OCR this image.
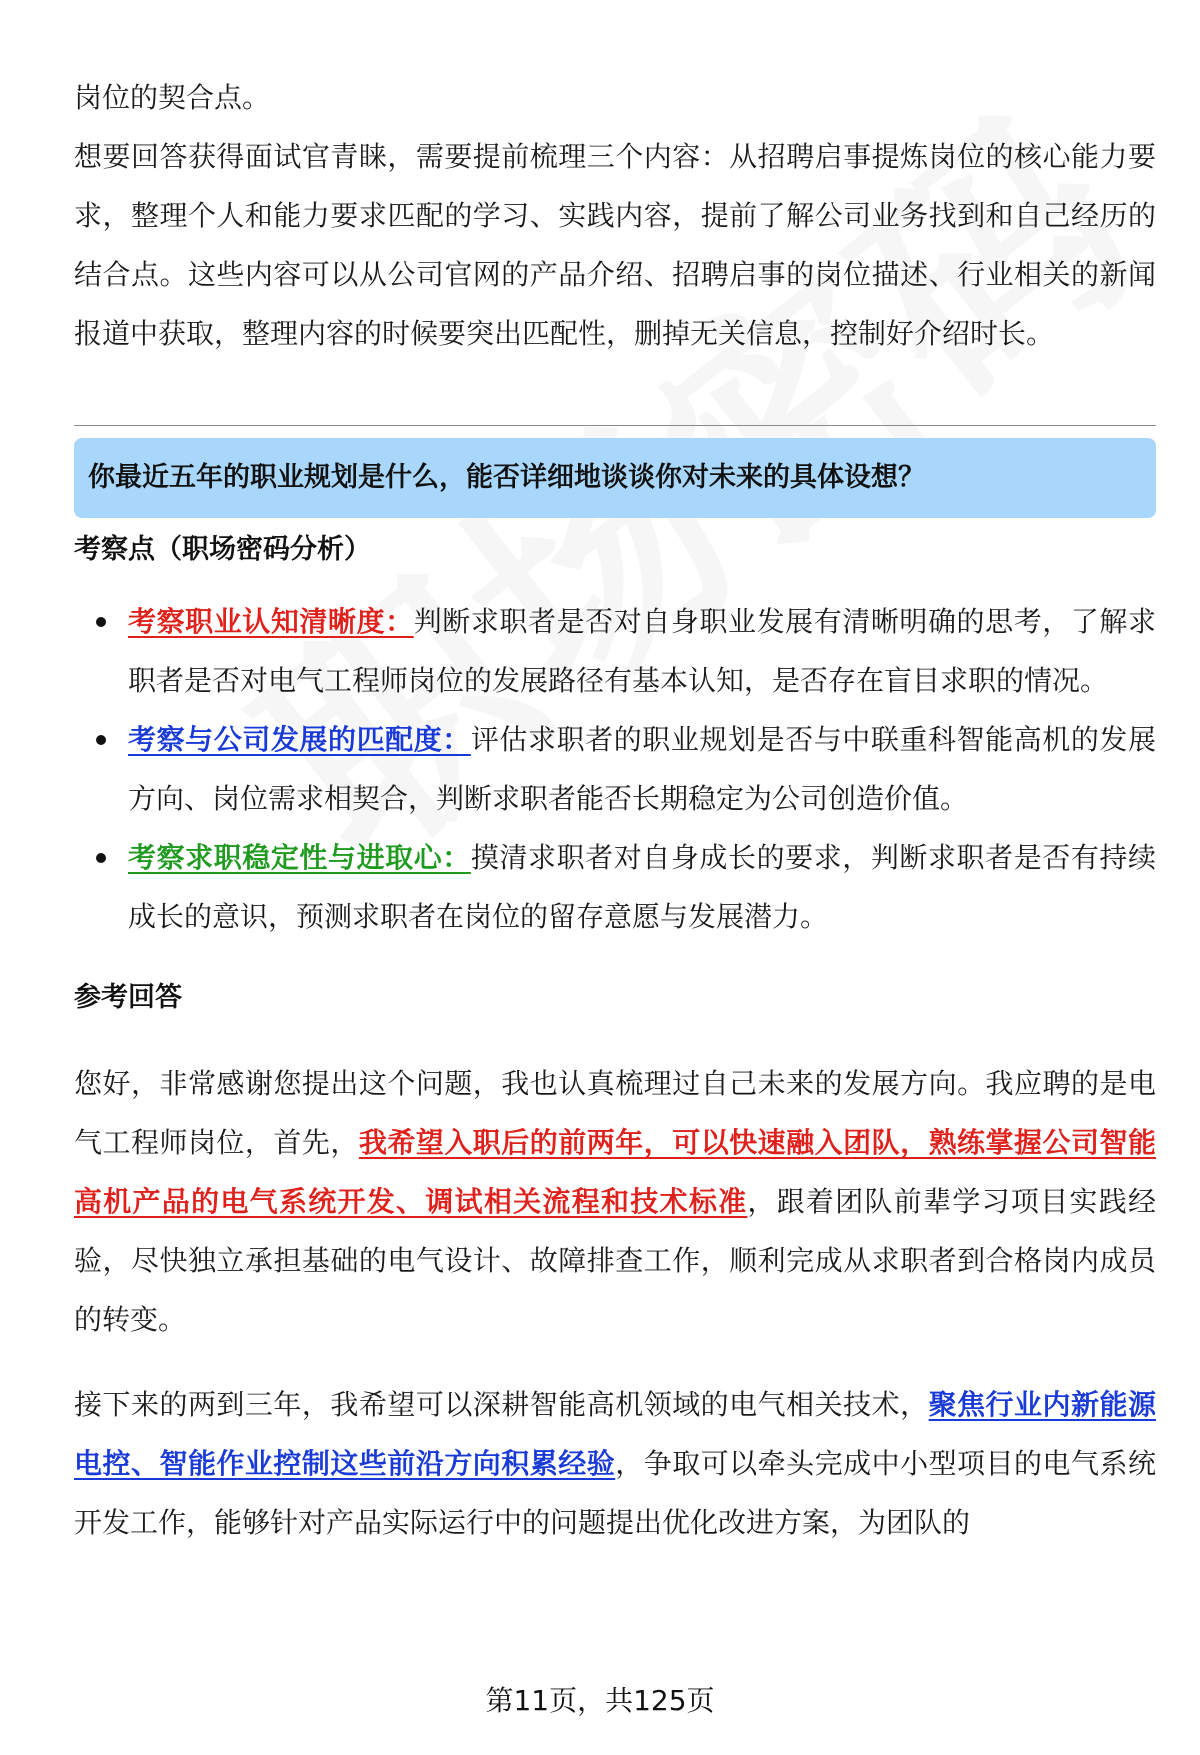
岗位的契合点。

想要回答获得面试官青睐，需要提前梳理三个内容：从招聘启事提炼岗位的核心能力要求，整理个人和能力要求匹配的学习、实践内容，提前了解公司业务找到和自己经历的结合点。这些内容可以从公司官网的产品介绍、招聘启事的岗位描述、行业相关的新闻报道中获取，整理内容的时候要突出匹配性，删掉无关信息，控制好介绍时长。

你最近五年的职业规划是什么，能否详细地谈谈你对未来的具体设想？
考察点（职场密码分析）
考察职业认知清晰度：判断求职者是否对自身职业发展有清晰明确的思考，了解求职者是否对电气工程师岗位的发展路径有基本认知，是否存在盲目求职的情况。
考察与公司发展的匹配度：评估求职者的职业规划是否与中联重科智能高机的发展方向、岗位需求相契合，判断求职者能否长期稳定为公司创造价值。
考察求职稳定性与进取心：摸清求职者对自身成长的要求，判断求职者是否有持续成长的意识，预测求职者在岗位的留存意愿与发展潜力。
参考回答

您好，非常感谢您提出这个问题，我也认真梳理过自己未来的发展方向。我应聘的是电气工程师岗位，首先，我希望入职后的前两年，可以快速融入团队，熟练掌握公司智能高机产品的电气系统开发、调试相关流程和技术标准，跟着团队前辈学习项目实践经验，尽快独立承担基础的电气设计、故障排查工作，顺利完成从求职者到合格岗内成员的转变。

接下来的两到三年，我希望可以深耕智能高机领域的电气相关技术，聚焦行业内新能源电控、智能作业控制这些前沿方向积累经验，争取可以牵头完成中小型项目的电气系统开发工作，能够针对产品实际运行中的问题提出优化改进方案，为团队的

第11页，共125页
